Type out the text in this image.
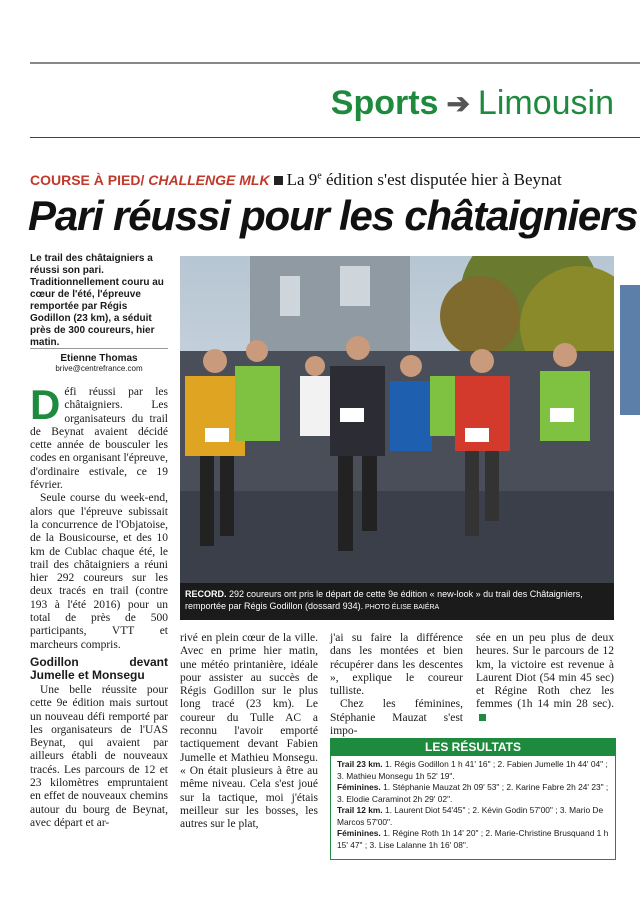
Sports ➔ Limousin
COURSE À PIED/ CHALLENGE MLK La 9e édition s'est disputée hier à Beynat
Pari réussi pour les châtaigniers
Le trail des châtaigniers a réussi son pari. Traditionnellement couru au cœur de l'été, l'épreuve remportée par Régis Godillon (23 km), a séduit près de 300 coureurs, hier matin.
Etienne Thomas
brive@centrefrance.com

Défi réussi par les châtaigniers. Les organisateurs du trail de Beynat avaient décidé cette année de bousculer les codes en organisant l'épreuve, d'ordinaire estivale, ce 19 février.

Seule course du week-end, alors que l'épreuve subissait la concurrence de l'Objatoise, de la Bousicourse, et des 10 km de Cublac chaque été, le trail des châtaigniers a réuni hier 292 coureurs sur les deux tracés en trail (contre 193 à l'été 2016) pour un total de près de 500 participants, VTT et marcheurs compris.

Godillon devant Jumelle et Monsegu

Une belle réussite pour cette 9e édition mais surtout un nouveau défi remporté par les organisateurs de l'UAS Beynat, qui avaient par ailleurs établi de nouveaux tracés. Les parcours de 12 et 23 kilomètres empruntaient en effet de nouveaux chemins autour du bourg de Beynat, avec départ et ar-

RECORD. 292 coureurs ont pris le départ de cette 9e édition « new-look » du trail des Châtaigniers, remportée par Régis Godillon (dossard 934). PHOTO ÉLISE BAIÉRA

rivé en plein cœur de la ville. Avec en prime hier matin, une météo printanière, idéale pour assister au succès de Régis Godillon sur le plus long tracé (23 km). Le coureur du Tulle AC a reconnu l'avoir emporté tactiquement devant Fabien Jumelle et Mathieu Monsegu. « On était plusieurs à être au même niveau. Cela s'est joué sur la tactique, moi j'étais meilleur sur les bosses, les autres sur le plat,

j'ai su faire la différence dans les montées et bien récupérer dans les descentes », explique le coureur tulliste.

Chez les féminines, Stéphanie Mauzat s'est impo-

sée en un peu plus de deux heures. Sur le parcours de 12 km, la victoire est revenue à Laurent Diot (54 min 45 sec) et Régine Roth chez les femmes (1h 14 min 28 sec).

LES RÉSULTATS
Trail 23 km. 1. Régis Godillon 1 h 41' 16" ; 2. Fabien Jumelle 1h 44' 04" ; 3. Mathieu Monsegu 1h 52' 19".
Féminines. 1. Stéphanie Mauzat 2h 09' 53" ; 2. Karine Fabre 2h 24' 23" ; 3. Elodie Caraminot 2h 29' 02".
Trail 12 km. 1. Laurent Diot 54'45" ; 2. Kévin Godin 57'00" ; 3. Mario De Marcos 57'00".
Féminines. 1. Régine Roth 1h 14' 20" ; 2. Marie-Christine Brusquand 1 h 15' 47" ; 3. Lise Lalanne 1h 16' 08".
